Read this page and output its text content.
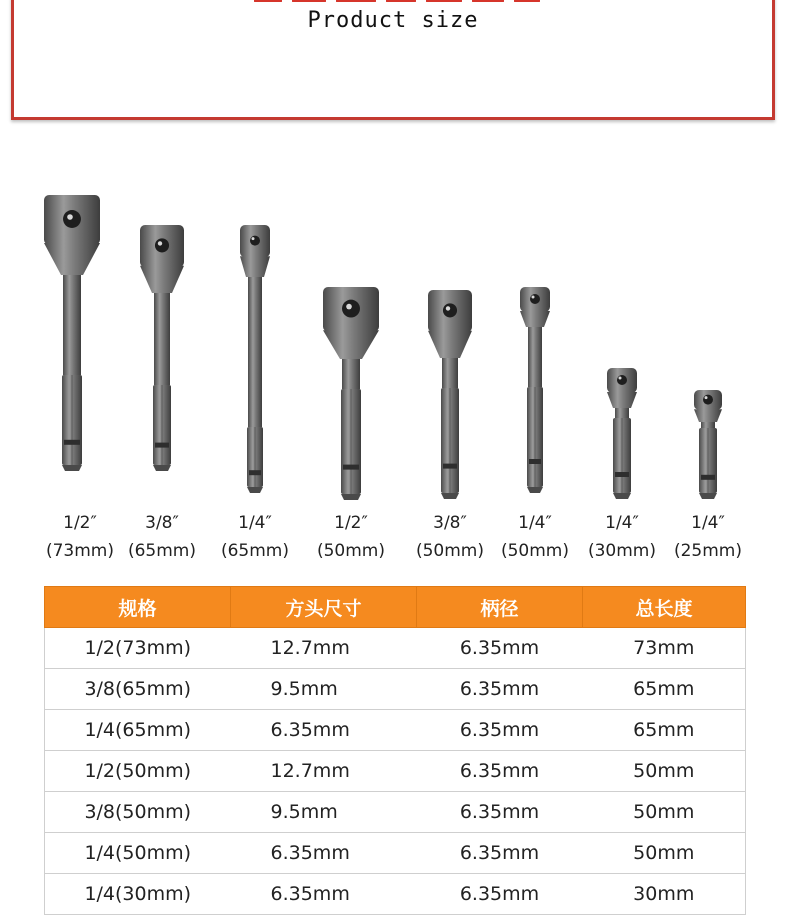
Product size
1/2″
(73mm)
3/8″
(65mm)
1/4″
(65mm)
1/2″
(50mm)
3/8″
(50mm)
1/4″
(50mm)
1/4″
(30mm)
1/4″
(25mm)
规格	方头尺寸	柄径	总长度
1/2(73mm)	12.7mm	6.35mm	73mm
3/8(65mm)	9.5mm	6.35mm	65mm
1/4(65mm)	6.35mm	6.35mm	65mm
1/2(50mm)	12.7mm	6.35mm	50mm
3/8(50mm)	9.5mm	6.35mm	50mm
1/4(50mm)	6.35mm	6.35mm	50mm
1/4(30mm)	6.35mm	6.35mm	30mm
